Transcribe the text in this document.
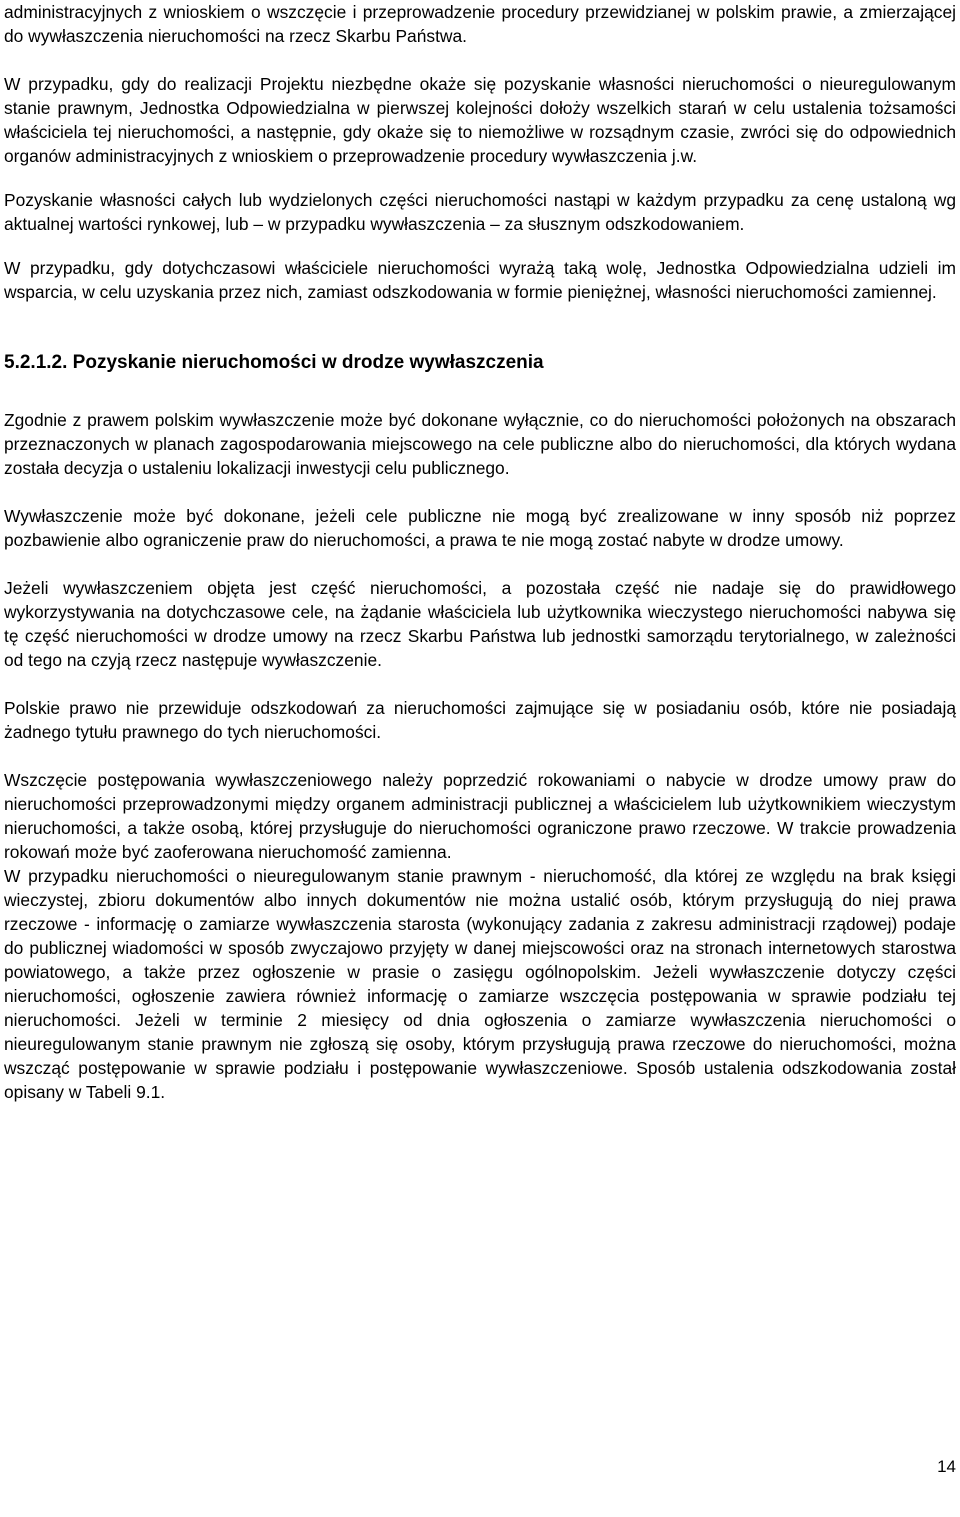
administracyjnych z wnioskiem o wszczęcie i przeprowadzenie procedury przewidzianej w polskim prawie, a zmierzającej do wywłaszczenia nieruchomości na rzecz Skarbu Państwa.

W przypadku, gdy do realizacji Projektu niezbędne okaże się pozyskanie własności nieruchomości o nieuregulowanym stanie prawnym, Jednostka Odpowiedzialna w pierwszej kolejności dołoży wszelkich starań w celu ustalenia tożsamości właściciela tej nieruchomości, a następnie, gdy okaże się to niemożliwe w rozsądnym czasie, zwróci się do odpowiednich organów administracyjnych z wnioskiem o przeprowadzenie procedury wywłaszczenia j.w.

Pozyskanie własności całych lub wydzielonych części nieruchomości nastąpi w każdym przypadku za cenę ustaloną wg aktualnej wartości rynkowej, lub – w przypadku wywłaszczenia – za słusznym odszkodowaniem.

W przypadku, gdy dotychczasowi właściciele nieruchomości wyrażą taką wolę, Jednostka Odpowiedzialna udzieli im wsparcia, w celu uzyskania przez nich, zamiast odszkodowania w formie pieniężnej, własności nieruchomości zamiennej.

5.2.1.2. Pozyskanie nieruchomości w drodze wywłaszczenia

Zgodnie z prawem polskim wywłaszczenie może być dokonane wyłącznie, co do nieruchomości położonych na obszarach przeznaczonych w planach zagospodarowania miejscowego na cele publiczne albo do nieruchomości, dla których wydana została decyzja o ustaleniu lokalizacji inwestycji celu publicznego.

Wywłaszczenie może być dokonane, jeżeli cele publiczne nie mogą być zrealizowane w inny sposób niż poprzez pozbawienie albo ograniczenie praw do nieruchomości, a prawa te nie mogą zostać nabyte w drodze umowy.

Jeżeli wywłaszczeniem objęta jest część nieruchomości, a pozostała część nie nadaje się do prawidłowego wykorzystywania na dotychczasowe cele, na żądanie właściciela lub użytkownika wieczystego nieruchomości nabywa się tę część nieruchomości w drodze umowy na rzecz Skarbu Państwa lub jednostki samorządu terytorialnego, w zależności od tego na czyją rzecz następuje wywłaszczenie.

Polskie prawo nie przewiduje odszkodowań za nieruchomości zajmujące się w posiadaniu osób, które nie posiadają żadnego tytułu prawnego do tych nieruchomości.

Wszczęcie postępowania wywłaszczeniowego należy poprzedzić rokowaniami o nabycie w drodze umowy praw do nieruchomości przeprowadzonymi między organem administracji publicznej a właścicielem lub użytkownikiem wieczystym nieruchomości, a także osobą, której przysługuje do nieruchomości ograniczone prawo rzeczowe. W trakcie prowadzenia rokowań może być zaoferowana nieruchomość zamienna.

W przypadku nieruchomości o nieuregulowanym stanie prawnym - nieruchomość, dla której ze względu na brak księgi wieczystej, zbioru dokumentów albo innych dokumentów nie można ustalić osób, którym przysługują do niej prawa rzeczowe - informację o zamiarze wywłaszczenia starosta (wykonujący zadania z zakresu administracji rządowej) podaje do publicznej wiadomości w sposób zwyczajowo przyjęty w danej miejscowości oraz na stronach internetowych starostwa powiatowego, a także przez ogłoszenie w prasie o zasięgu ogólnopolskim. Jeżeli wywłaszczenie dotyczy części nieruchomości, ogłoszenie zawiera również informację o zamiarze wszczęcia postępowania w sprawie podziału tej nieruchomości. Jeżeli w terminie 2 miesięcy od dnia ogłoszenia o zamiarze wywłaszczenia nieruchomości o nieuregulowanym stanie prawnym nie zgłoszą się osoby, którym przysługują prawa rzeczowe do nieruchomości, można wszcząć postępowanie w sprawie podziału i postępowanie wywłaszczeniowe. Sposób ustalenia odszkodowania został opisany w Tabeli 9.1.

14
